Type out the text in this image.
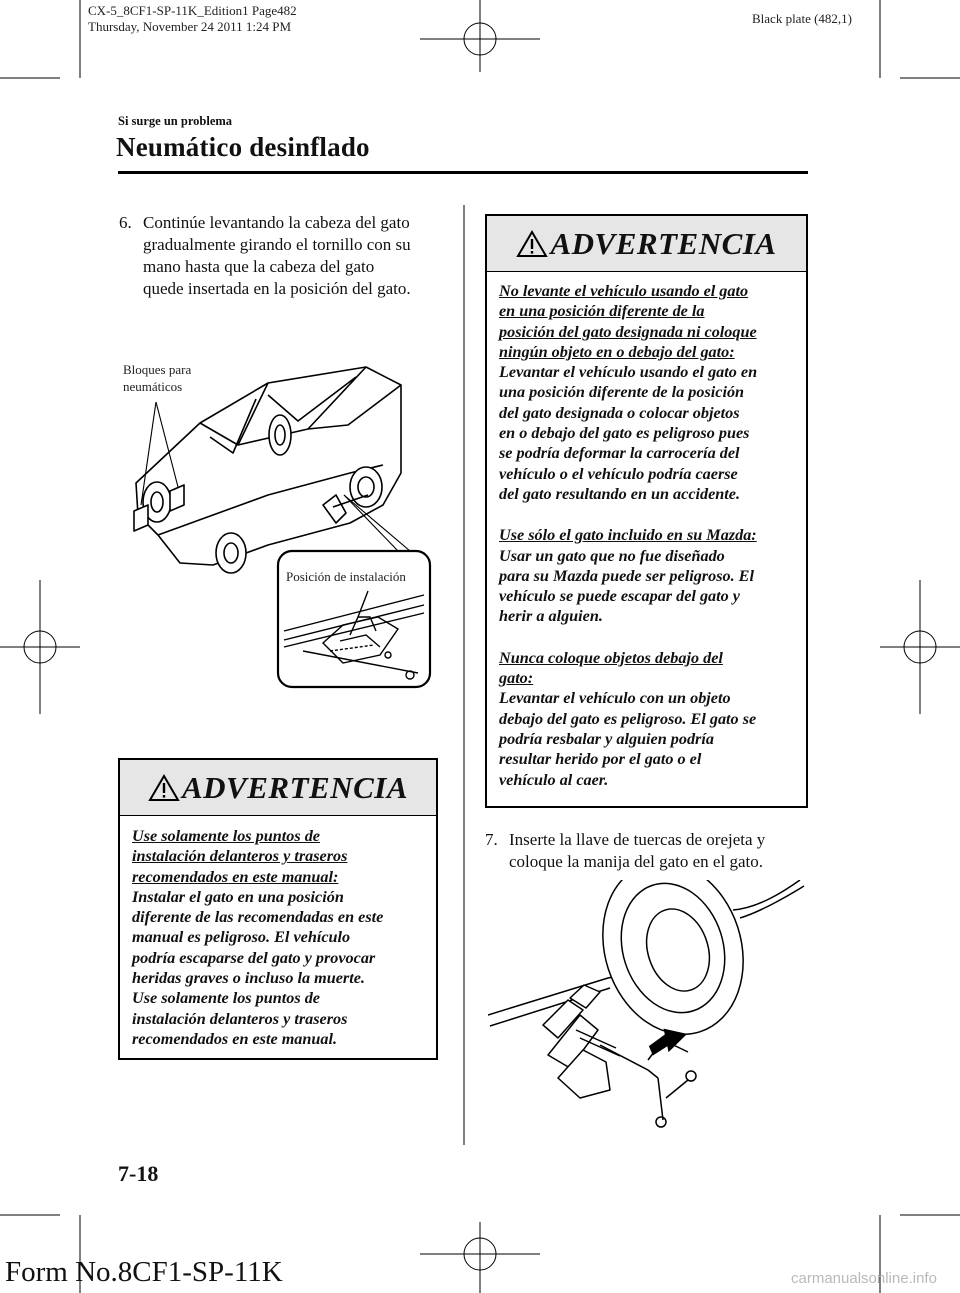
CX-5_8CF1-SP-11K_Edition1 Page482
Thursday, November 24 2011 1:24 PM
Black plate (482,1)
Si surge un problema
Neumático desinflado
6. Continúe levantando la cabeza del gato
gradualmente girando el tornillo con su
mano hasta que la cabeza del gato
quede insertada en la posición del gato.
Bloques para
neumáticos
Posición de instalación
ADVERTENCIA

Use solamente los puntos de

instalación delanteros y traseros

recomendados en este manual:

Instalar el gato en una posición

diferente de las recomendadas en este

manual es peligroso. El vehículo

podría escaparse del gato y provocar

heridas graves o incluso la muerte.

Use solamente los puntos de

instalación delanteros y traseros

recomendados en este manual.

ADVERTENCIA

No levante el vehículo usando el gato

en una posición diferente de la

posición del gato designada ni coloque

ningún objeto en o debajo del gato:

Levantar el vehículo usando el gato en

una posición diferente de la posición

del gato designada o colocar objetos

en o debajo del gato es peligroso pues

se podría deformar la carrocería del

vehículo o el vehículo podría caerse

del gato resultando en un accidente.

Use sólo el gato incluido en su Mazda:

Usar un gato que no fue diseñado

para su Mazda puede ser peligroso. El

vehículo se puede escapar del gato y

herir a alguien.

Nunca coloque objetos debajo del

gato:

Levantar el vehículo con un objeto

debajo del gato es peligroso. El gato se

podría resbalar y alguien podría

resultar herido por el gato o el

vehículo al caer.

7. Inserte la llave de tuercas de orejeta y
coloque la manija del gato en el gato.
7-18
Form No.8CF1-SP-11K	carmanualsonline.info
